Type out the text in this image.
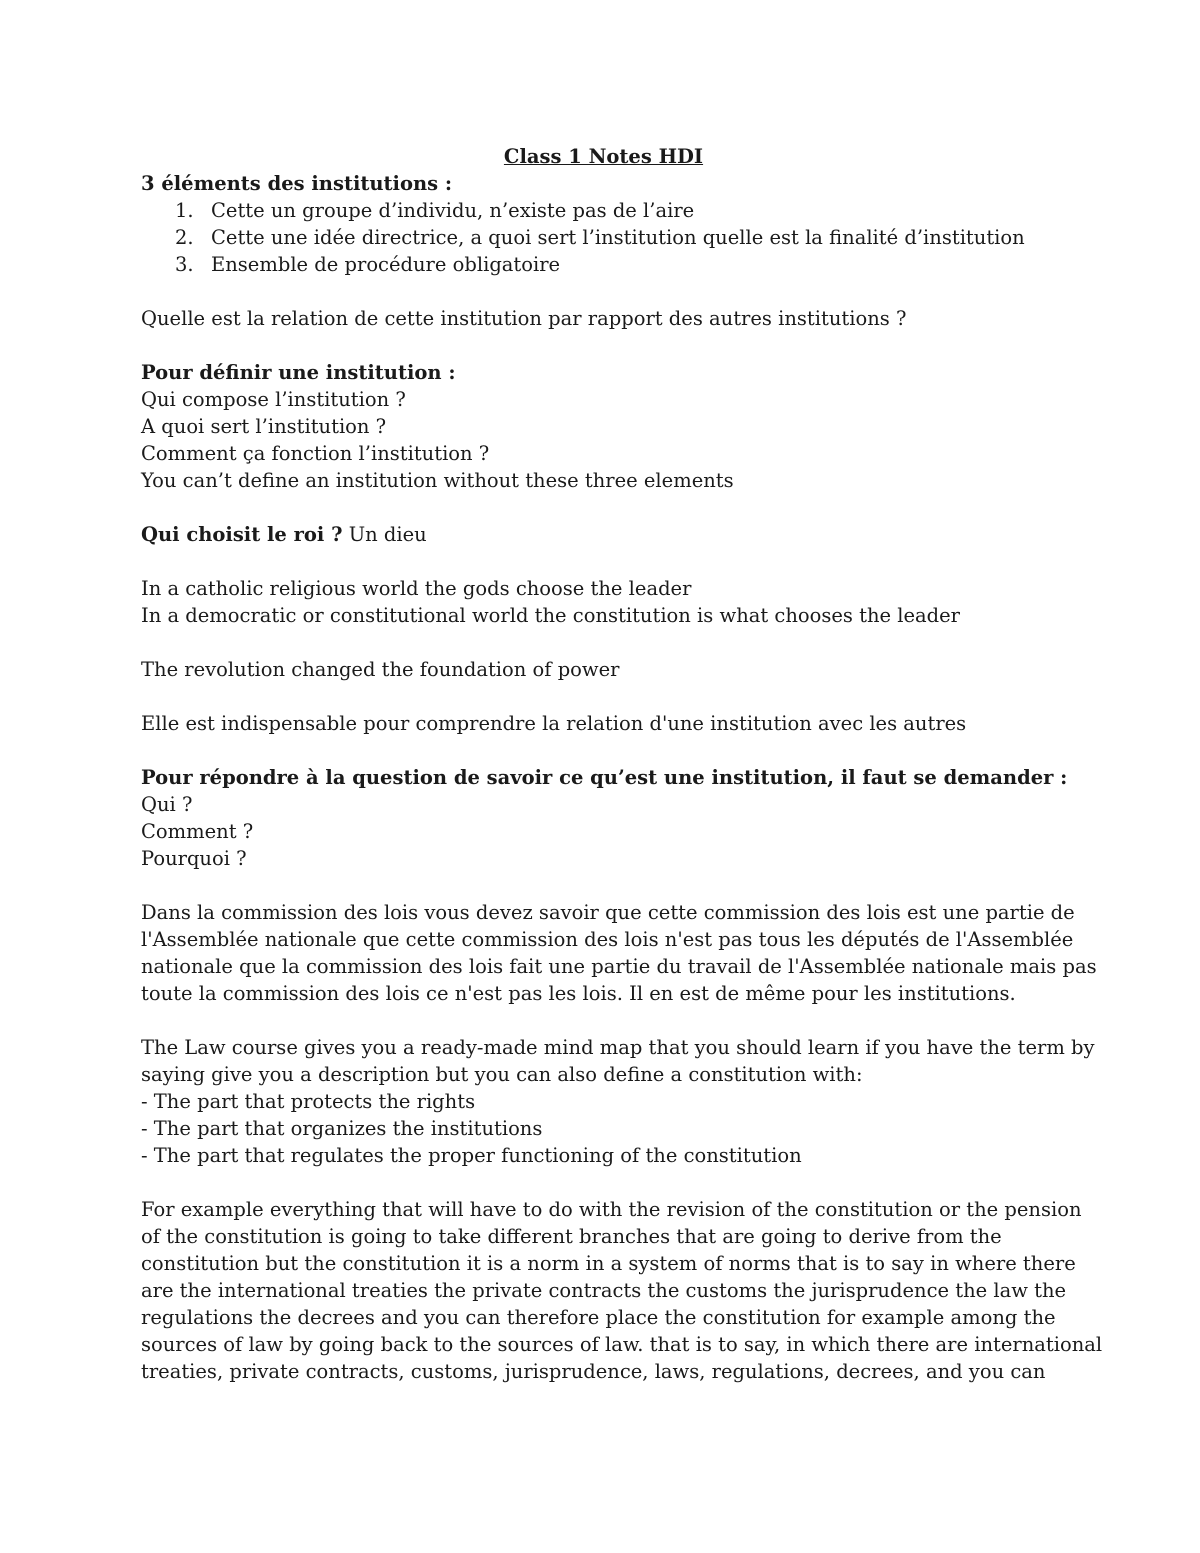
Class 1 Notes HDI
3 éléments des institutions :
1. Cette un groupe d’individu, n’existe pas de l’aire
2. Cette une idée directrice, a quoi sert l’institution quelle est la finalité d’institution
3. Ensemble de procédure obligatoire
Quelle est la relation de cette institution par rapport des autres institutions ?
Pour définir une institution :
Qui compose l’institution ?
A quoi sert l’institution ?
Comment ça fonction l’institution ?
You can’t define an institution without these three elements
Qui choisit le roi ? Un dieu
In a catholic religious world the gods choose the leader
In a democratic or constitutional world the constitution is what chooses the leader
The revolution changed the foundation of power
Elle est indispensable pour comprendre la relation d'une institution avec les autres
Pour répondre à la question de savoir ce qu’est une institution, il faut se demander :
Qui ?
Comment ?
Pourquoi ?
Dans la commission des lois vous devez savoir que cette commission des lois est une partie de
l'Assemblée nationale que cette commission des lois n'est pas tous les députés de l'Assemblée
nationale que la commission des lois fait une partie du travail de l'Assemblée nationale mais pas
toute la commission des lois ce n'est pas les lois. Il en est de même pour les institutions.
The Law course gives you a ready-made mind map that you should learn if you have the term by
saying give you a description but you can also define a constitution with:
- The part that protects the rights
- The part that organizes the institutions
- The part that regulates the proper functioning of the constitution
For example everything that will have to do with the revision of the constitution or the pension
of the constitution is going to take different branches that are going to derive from the
constitution but the constitution it is a norm in a system of norms that is to say in where there
are the international treaties the private contracts the customs the jurisprudence the law the
regulations the decrees and you can therefore place the constitution for example among the
sources of law by going back to the sources of law. that is to say, in which there are international
treaties, private contracts, customs, jurisprudence, laws, regulations, decrees, and you can
